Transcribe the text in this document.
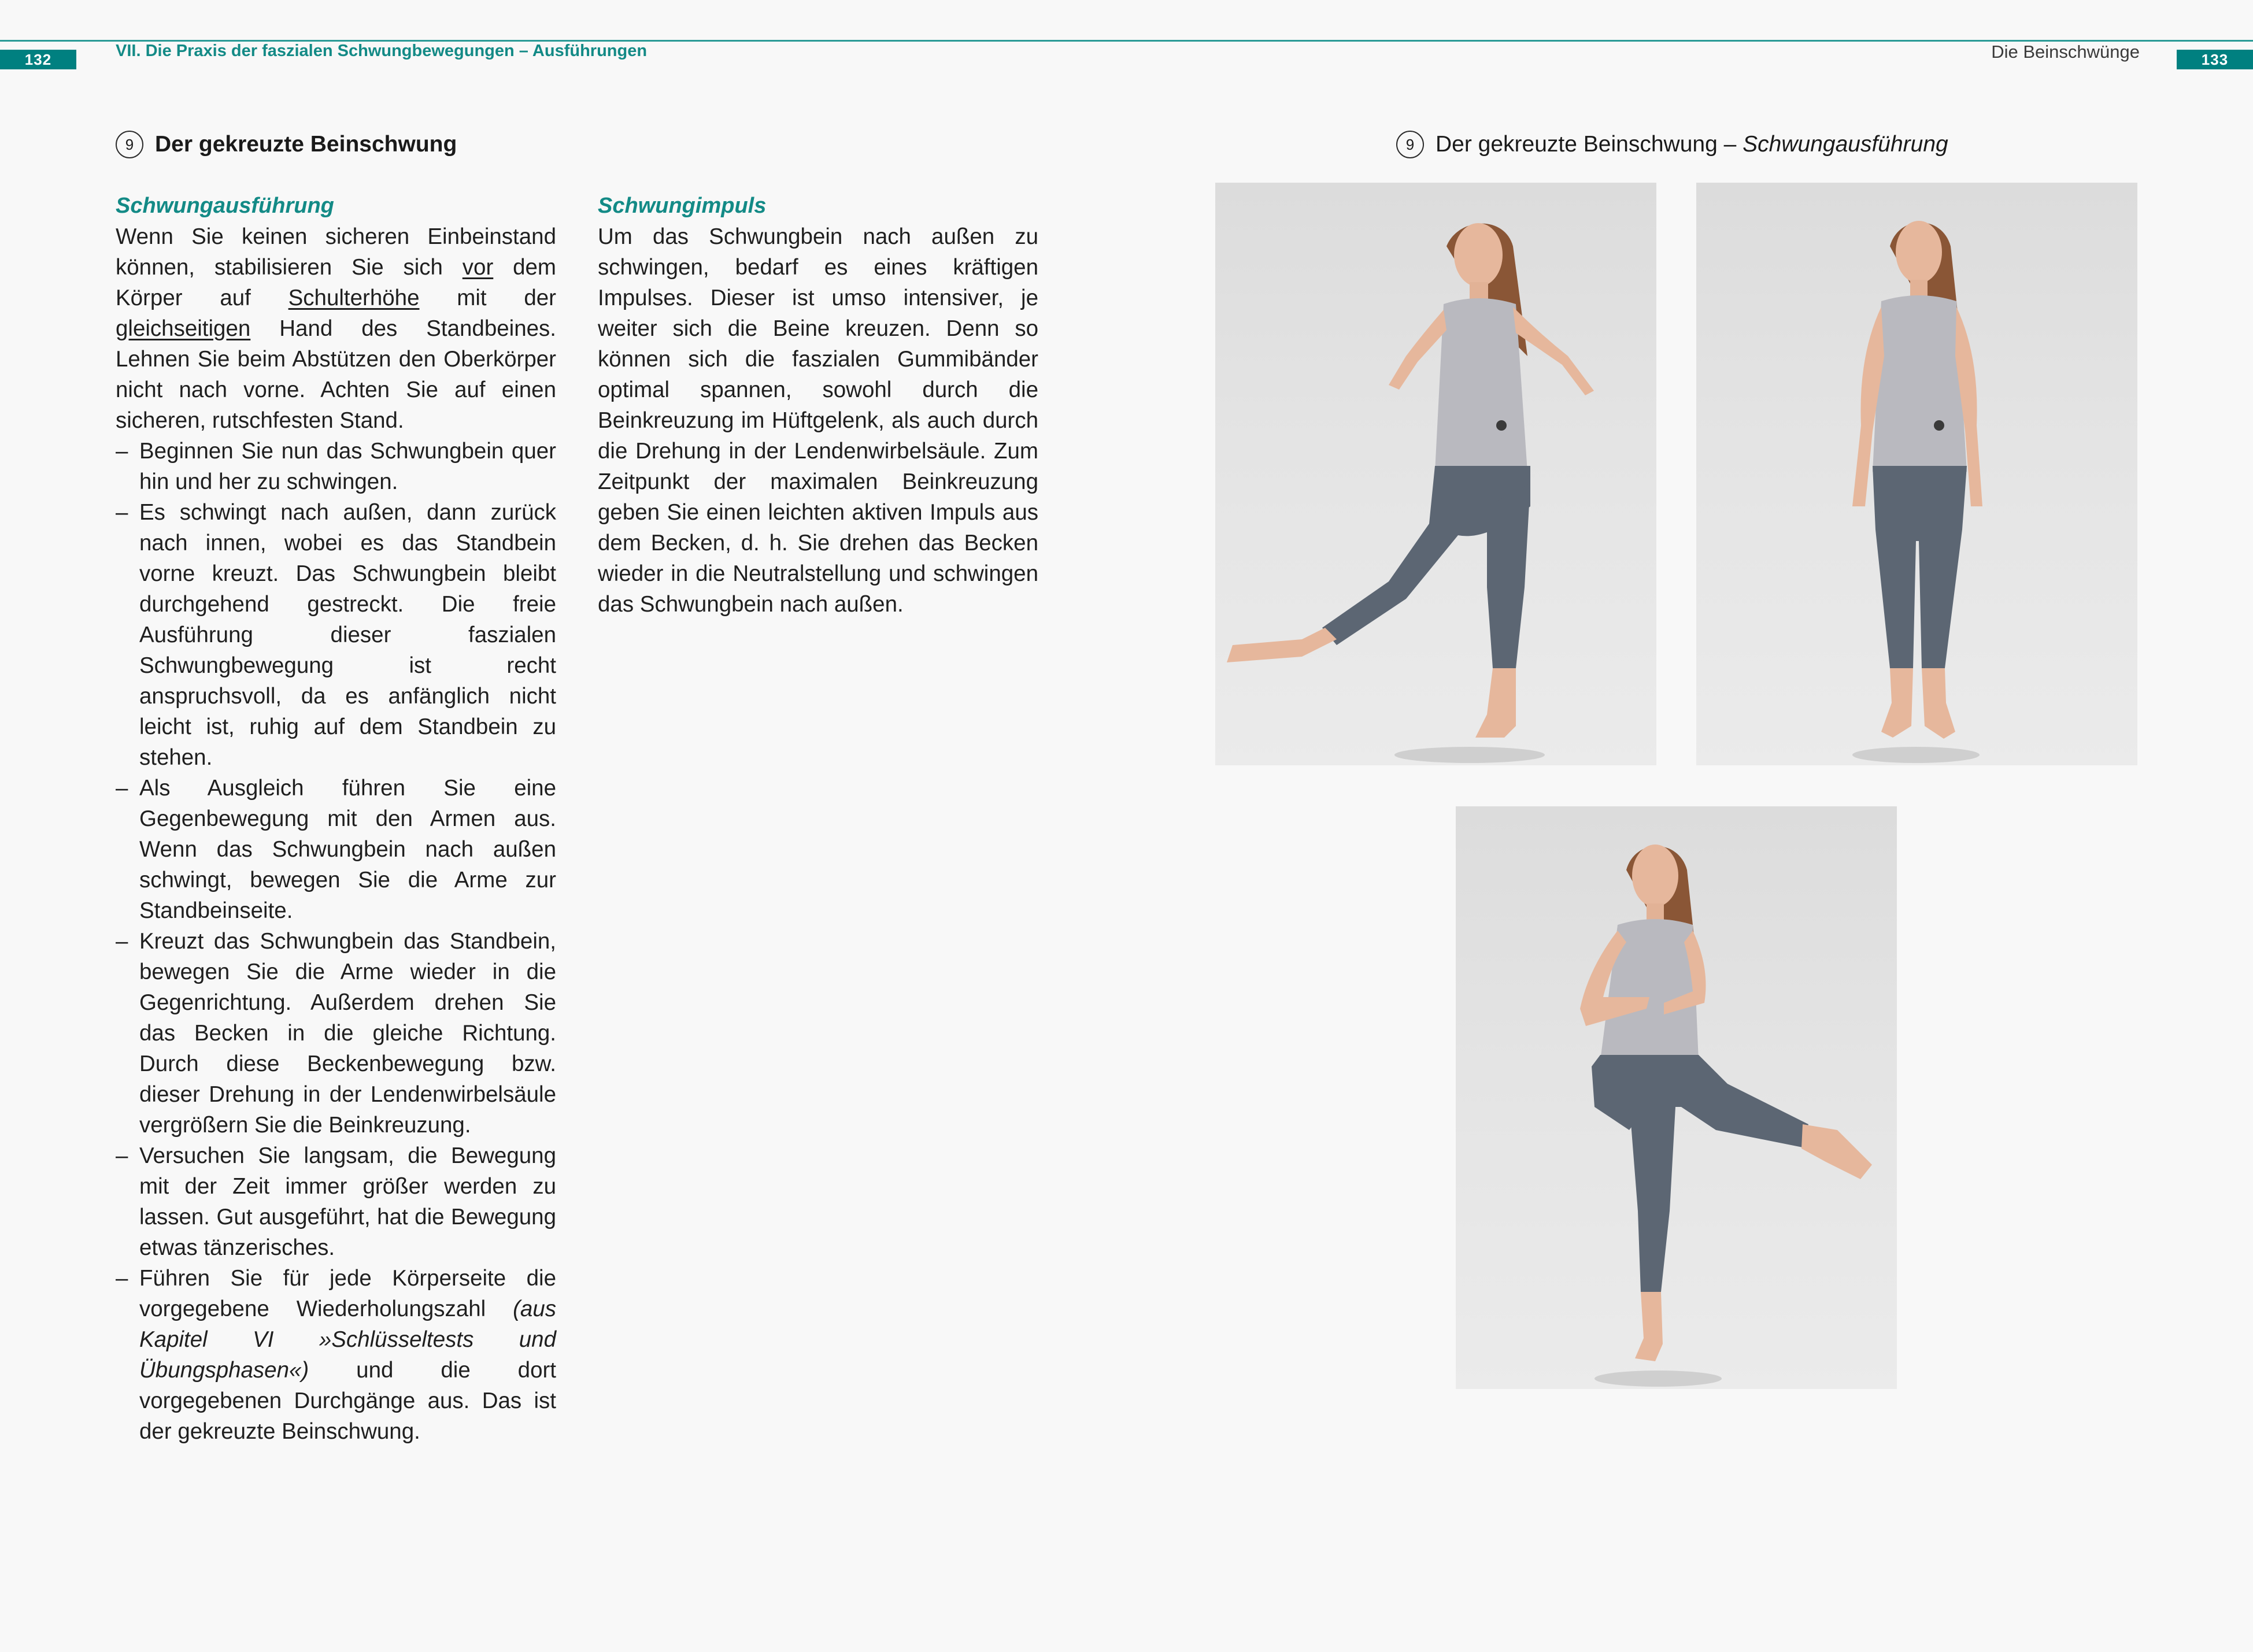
132	VII. Die Praxis der faszialen Schwungbewegungen – Ausführungen	Die Beinschwünge	133
9 Der gekreuzte Beinschwung

Schwungausführung

Wenn Sie keinen sicheren Einbeinstand können, stabilisieren Sie sich vor dem Körper auf Schulterhöhe mit der gleichseitigen Hand des Standbeines. Lehnen Sie beim Abstützen den Oberkörper nicht nach vorne. Achten Sie auf einen sicheren, rutschfesten Stand.

– Beginnen Sie nun das Schwungbein quer hin und her zu schwingen.
– Es schwingt nach außen, dann zurück nach innen, wobei es das Standbein vorne kreuzt. Das Schwungbein bleibt durchgehend gestreckt. Die freie Ausführung dieser faszialen Schwungbewegung ist recht anspruchsvoll, da es anfänglich nicht leicht ist, ruhig auf dem Standbein zu stehen.
– Als Ausgleich führen Sie eine Gegenbewegung mit den Armen aus. Wenn das Schwungbein nach außen schwingt, bewegen Sie die Arme zur Standbeinseite.
– Kreuzt das Schwungbein das Standbein, bewegen Sie die Arme wieder in die Gegenrichtung. Außerdem drehen Sie das Becken in die gleiche Richtung. Durch diese Beckenbewegung bzw. dieser Drehung in der Lendenwirbelsäule vergrößern Sie die Beinkreuzung.
– Versuchen Sie langsam, die Bewegung mit der Zeit immer größer werden zu lassen. Gut ausgeführt, hat die Bewegung etwas tänzerisches.
– Führen Sie für jede Körperseite die vorgegebene Wiederholungszahl (aus Kapitel VI »Schlüsseltests und Übungsphasen«) und die dort vorgegebenen Durchgänge aus. Das ist der gekreuzte Beinschwung.

Schwungimpuls

Um das Schwungbein nach außen zu schwingen, bedarf es eines kräftigen Impulses. Dieser ist umso intensiver, je weiter sich die Beine kreuzen. Denn so können sich die faszialen Gummibänder optimal spannen, sowohl durch die Beinkreuzung im Hüftgelenk, als auch durch die Drehung in der Lendenwirbelsäule. Zum Zeitpunkt der maximalen Beinkreuzung geben Sie einen leichten aktiven Impuls aus dem Becken, d. h. Sie drehen das Becken wieder in die Neutralstellung und schwingen das Schwungbein nach außen.

9 Der gekreuzte Beinschwung – Schwungausführung
